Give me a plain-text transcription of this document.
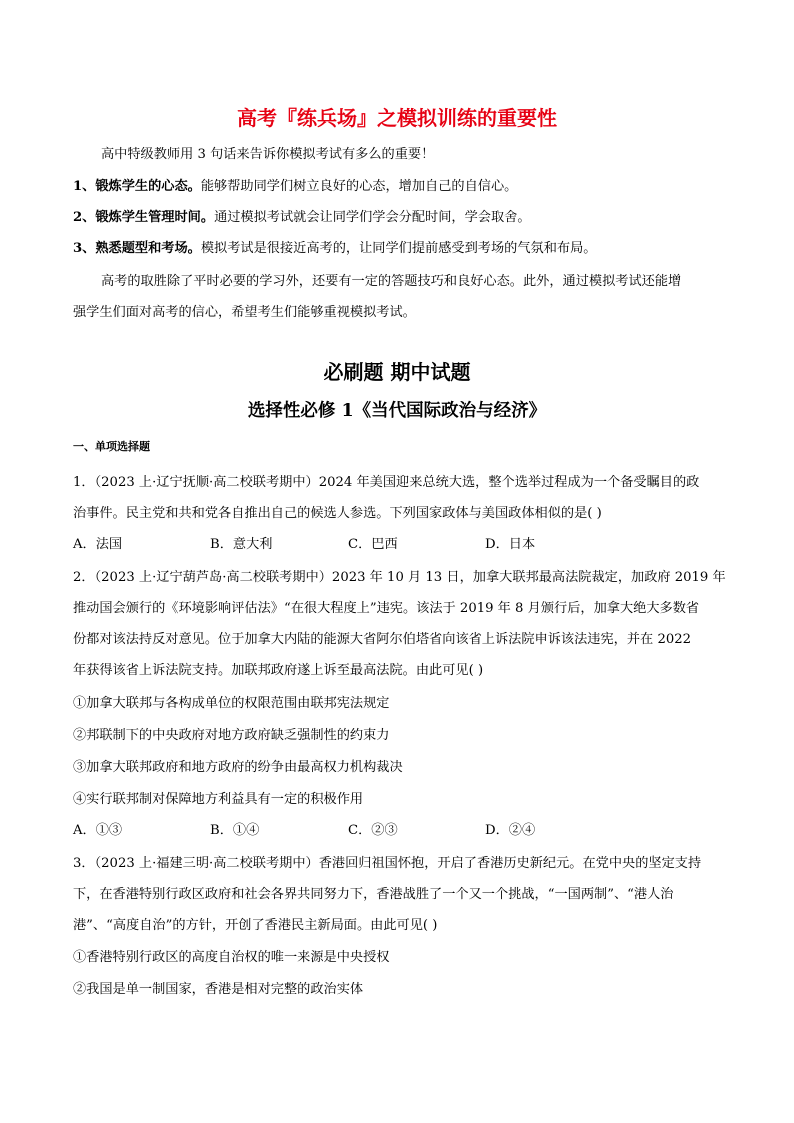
高考『练兵场』之模拟训练的重要性
高中特级教师用 3 句话来告诉你模拟考试有多么的重要！
1、锻炼学生的心态。能够帮助同学们树立良好的心态，增加自己的自信心。
2、锻炼学生管理时间。通过模拟考试就会让同学们学会分配时间，学会取舍。
3、熟悉题型和考场。模拟考试是很接近高考的，让同学们提前感受到考场的气氛和布局。
高考的取胜除了平时必要的学习外，还要有一定的答题技巧和良好心态。此外，通过模拟考试还能增
强学生们面对高考的信心，希望考生们能够重视模拟考试。
必刷题 期中试题
选择性必修 1《当代国际政治与经济》
一、单项选择题
1．（2023 上·辽宁抚顺·高二校联考期中）2024 年美国迎来总统大选，整个选举过程成为一个备受瞩目的政
治事件。民主党和共和党各自推出自己的候选人参选。下列国家政体与美国政体相似的是( )
A．法国	B．意大利	C．巴西	D．日本
2．（2023 上·辽宁葫芦岛·高二校联考期中）2023 年 10 月 13 日，加拿大联邦最高法院裁定，加政府 2019 年
推动国会颁行的《环境影响评估法》“在很大程度上”违宪。该法于 2019 年 8 月颁行后，加拿大绝大多数省
份都对该法持反对意见。位于加拿大内陆的能源大省阿尔伯塔省向该省上诉法院申诉该法违宪，并在 2022
年获得该省上诉法院支持。加联邦政府遂上诉至最高法院。由此可见( )
①加拿大联邦与各构成单位的权限范围由联邦宪法规定
②邦联制下的中央政府对地方政府缺乏强制性的约束力
③加拿大联邦政府和地方政府的纷争由最高权力机构裁决
④实行联邦制对保障地方利益具有一定的积极作用
A．①③	B．①④	C．②③	D．②④
3．（2023 上·福建三明·高二校联考期中）香港回归祖国怀抱，开启了香港历史新纪元。在党中央的坚定支持
下，在香港特别行政区政府和社会各界共同努力下，香港战胜了一个又一个挑战，“一国两制”、“港人治
港”、“高度自治”的方针，开创了香港民主新局面。由此可见( )
①香港特别行政区的高度自治权的唯一来源是中央授权
②我国是单一制国家，香港是相对完整的政治实体
